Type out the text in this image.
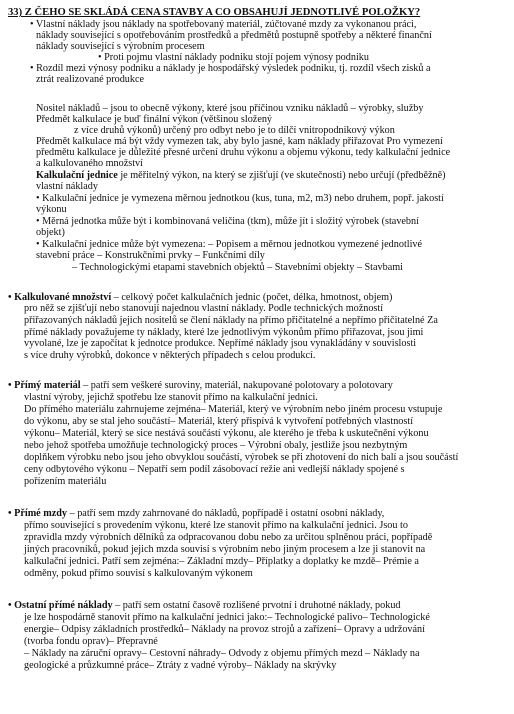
33) Z ČEHO SE SKLÁDÁ CENA STAVBY A CO OBSAHUJÍ JEDNOTLIVÉ POLOŽKY?
• Vlastní náklady jsou náklady na spotřebovaný materiál, zúčtované mzdy za vykonanou práci,
náklady související s opotřebováním prostředků a předmětů postupně spotřeby a některé finanční
náklady související s výrobním procesem
• Proti pojmu vlastní náklady podniku stojí pojem výnosy podniku
• Rozdíl mezi výnosy podniku a náklady je hospodářský výsledek podniku, tj. rozdíl všech zisků a
ztrát realizované produkce
Nositel nákladů – jsou to obecně výkony, které jsou příčinou vzniku nákladů – výrobky, služby
Předmět kalkulace je buď finální výkon (většinou složený
z více druhů výkonů) určený pro odbyt nebo je to dílčí vnitropodnikový výkon
Předmět kalkulace má být vždy vymezen tak, aby bylo jasné, kam náklady přiřazovat Pro vymezení
předmětu kalkulace je důležité přesné určení druhu výkonu a objemu výkonu, tedy kalkulační jednice
a kalkulovaného množství
Kalkulační jednice je měřitelný výkon, na který se zjišťují (ve skutečnosti) nebo určují (předběžně)
vlastní náklady
• Kalkulační jednice je vymezena měrnou jednotkou (kus, tuna, m2, m3) nebo druhem, popř. jakostí
výkonu
• Měrná jednotka může být i kombinovaná veličina (tkm), může jít i složitý výrobek (stavební
objekt)
• Kalkulační jednice může být vymezena: – Popisem a měrnou jednotkou vymezené jednotlivé
stavební práce – Konstrukčními prvky – Funkčními díly
– Technologickými etapami stavebních objektů – Stavebními objekty – Stavbami
• Kalkulované množství – celkový počet kalkulačních jednic (počet, délka, hmotnost, objem)
pro něž se zjišťují nebo stanovují najednou vlastní náklady. Podle technických možností
přiřazovaných nákladů jejich nositelů se člení náklady na přímo přičitatelné a nepřímo přičitatelné Za
přímé náklady považujeme ty náklady, které lze jednotlivým výkonům přímo přiřazovat, jsou jimi
vyvolané, lze je započítat k jednotce produkce. Nepřímé náklady jsou vynakládány v souvislosti
s více druhy výrobků, dokonce v některých případech s celou produkcí.
• Přímý materiál – patří sem veškeré suroviny, materiál, nakupované polotovary a polotovary
vlastní výroby, jejichž spotřebu lze stanovit přímo na kalkulační jednici.
Do přímého materiálu zahrnujeme zejména– Materiál, který ve výrobním nebo jiném procesu vstupuje
do výkonu, aby se stal jeho součástí– Materiál, který přispívá k vytvoření potřebných vlastností
výkonu– Materiál, který se sice nestává součástí výkonu, ale kterého je třeba k uskutečnění výkonu
nebo jehož spotřeba umožňuje technologický proces – Výrobní obaly, jestliže jsou nezbytným
doplňkem výrobku nebo jsou jeho obvyklou součástí, výrobek se při zhotovení do nich balí a jsou součástí
ceny odbytového výkonu – Nepatří sem podíl zásobovací režie ani vedlejší náklady spojené s
pořízením materiálu
• Přímé mzdy – patří sem mzdy zahrnované do nákladů, popřípadě i ostatní osobní náklady,
přímo související s provedením výkonu, které lze stanovit přímo na kalkulační jednici. Jsou to
zpravidla mzdy výrobních dělníků za odpracovanou dobu nebo za určitou splněnou práci, popřípadě
jiných pracovníků, pokud jejich mzda souvisí s výrobním nebo jiným procesem a lze ji stanovit na
kalkulační jednici. Patří sem zejména:– Základní mzdy– Příplatky a doplatky ke mzdě– Prémie a
odměny, pokud přímo souvisí s kalkulovaným výkonem
• Ostatní přímé náklady – patří sem ostatní časově rozlišené prvotní i druhotné náklady, pokud
je lze hospodárně stanovit přímo na kalkulační jednici jako:– Technologické palivo– Technologické
energie– Odpisy základních prostředků– Náklady na provoz strojů a zařízení– Opravy a udržování
(tvorba fondu oprav)– Přepravné
– Náklady na záruční opravy– Cestovní náhrady– Odvody z objemu přímých mezd – Náklady na
geologické a průzkumné práce– Ztráty z vadné výroby– Náklady na skrývky
